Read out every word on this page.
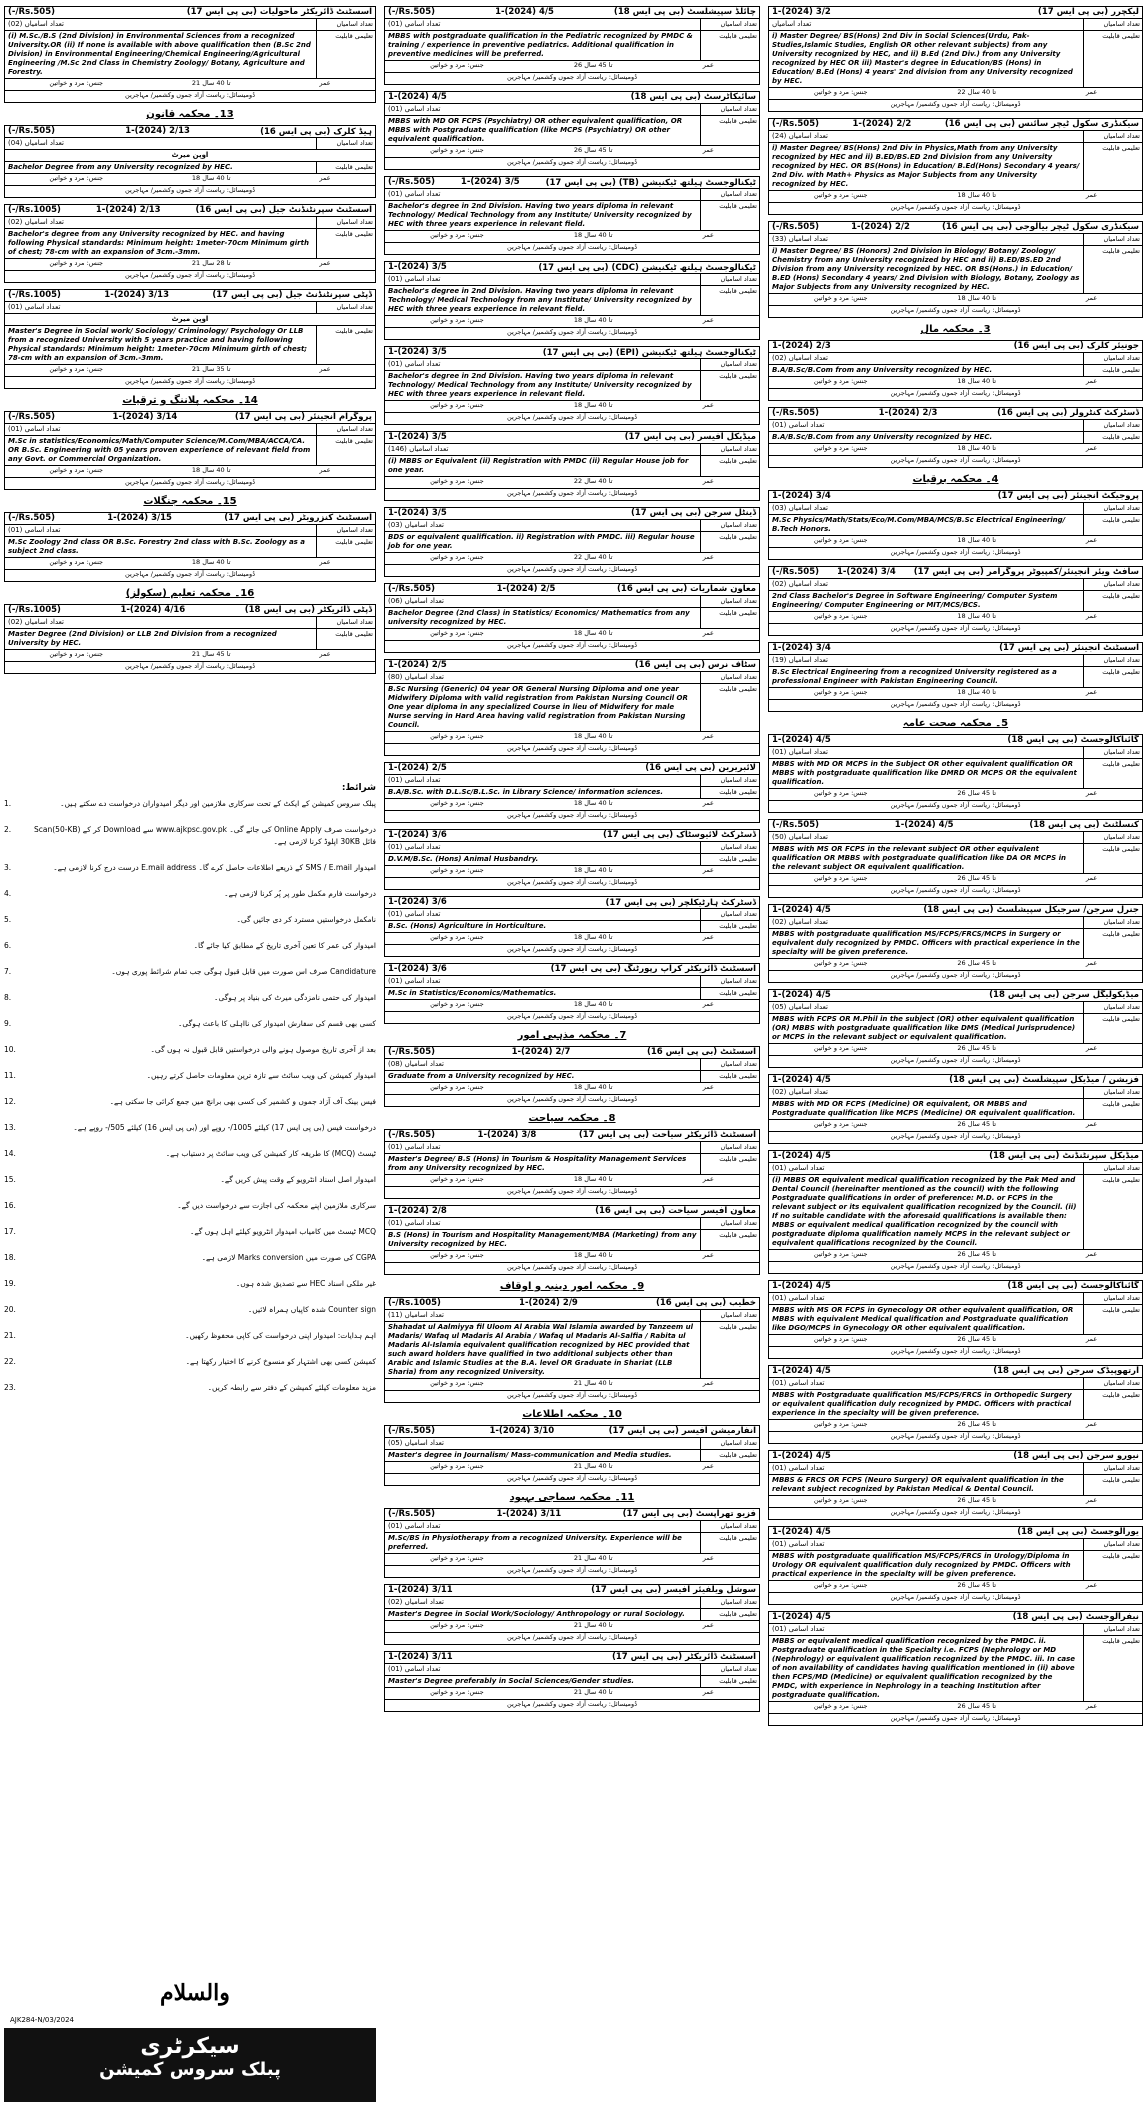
اسسٹنٹ ڈائریکٹر ماحولیات (بی پی ایس 17)
(Rs.505/-)
تعداد اسامیاں
تعداد اسامیاں (02)
تعلیمی قابلیت
(i) M.Sc./B.S (2nd Division) in Environmental Sciences from a recognized University.OR (ii) If none is available with above qualification then (B.Sc 2nd Division) in Environmental Engineering/Chemical Engineering/Agricultural Engineering /M.Sc 2nd Class in Chemistry Zoology/ Botany, Agriculture and Forestry.
جنس: مرد و خواتین	21 تا 40 سال	عمر
ڈومیسائل: ریاست آزاد جموں وکشمیر/ مہاجرین
13۔ محکمہ قانون
ہیڈ کلرک (بی پی ایس 16)
2/13 (2024)-1
(Rs.505/-)
تعداد اسامیاں
تعداد اسامیاں (04)
اوپن میرٹ
تعلیمی قابلیت
Bachelor Degree from any University recognized by HEC.
جنس: مرد و خواتین	18 تا 40 سال	عمر
ڈومیسائل: ریاست آزاد جموں وکشمیر/ مہاجرین
اسسٹنٹ سپرنٹنڈنٹ جیل (بی پی ایس 16)
2/13 (2024)-1
(Rs.1005/-)
تعداد اسامیاں
تعداد اسامیاں (02)
تعلیمی قابلیت
Bachelor's degree from any University recognized by HEC. and having following Physical standards: Minimum height: 1meter-70cm Minimum girth of chest; 78-cm with an expansion of 3cm.-3mm.
جنس: مرد و خواتین	21 تا 28 سال	عمر
ڈومیسائل: ریاست آزاد جموں وکشمیر/ مہاجرین
ڈپٹی سپرنٹنڈنٹ جیل (بی پی ایس 17)
3/13 (2024)-1
(Rs.1005/-)
تعداد اسامیاں
تعداد اسامی (01)
اوپن میرٹ
تعلیمی قابلیت
Master's Degree in Social work/ Sociology/ Criminology/ Psychology Or LLB from a recognized University with 5 years practice and having following Physical standards: Minimum height: 1meter-70cm Minimum girth of chest; 78-cm with an expansion of 3cm.-3mm.
جنس: مرد و خواتین	21 تا 35 سال	عمر
ڈومیسائل: ریاست آزاد جموں وکشمیر/ مہاجرین
14۔ محکمہ پلاننگ و ترقیات
پروگرام انجینئر (بی پی ایس 17)
3/14 (2024)-1
(Rs.505/-)
تعداد اسامیاں
تعداد اسامی (01)
تعلیمی قابلیت
M.Sc in statistics/Economics/Math/Computer Science/M.Com/MBA/ACCA/CA. OR B.Sc. Engineering with 05 years proven experience of relevant field from any Govt. or Commercial Organization.
جنس: مرد و خواتین	18 تا 40 سال	عمر
ڈومیسائل: ریاست آزاد جموں وکشمیر/ مہاجرین
15۔ محکمہ جنگلات
اسسٹنٹ کنزرویٹر (بی پی ایس 17)
3/15 (2024)-1
(Rs.505/-)
تعداد اسامیاں
تعداد اسامی (01)
تعلیمی قابلیت
M.Sc Zoology 2nd class OR B.Sc. Forestry 2nd class with B.Sc. Zoology as a subject 2nd class.
جنس: مرد و خواتین	18 تا 40 سال	عمر
ڈومیسائل: ریاست آزاد جموں وکشمیر/ مہاجرین
16۔ محکمہ تعلیم (سکولز)
ڈپٹی ڈائریکٹر (بی پی ایس 18)
4/16 (2024)-1
(Rs.1005/-)
تعداد اسامیاں
تعداد اسامیاں (02)
تعلیمی قابلیت
Master Degree (2nd Division) or LLB 2nd Division from a recognized University by HEC.
جنس: مرد و خواتین	21 تا 45 سال	عمر
ڈومیسائل: ریاست آزاد جموں وکشمیر/ مہاجرین
چائلڈ سپیشلسٹ (بی پی ایس 18)
4/5 (2024)-1
(Rs.505/-)
تعداد اسامیاں
تعداد اسامی (01)
تعلیمی قابلیت
MBBS with postgraduate qualification in the Pediatric recognized by PMDC & training / experience in preventive pediatrics. Additional qualification in preventive medicines will be preferred.
جنس: مرد و خواتین	26 تا 45 سال	عمر
ڈومیسائل: ریاست آزاد جموں وکشمیر/ مہاجرین
سائیکاٹرسٹ (بی پی ایس 18)
4/5 (2024)-1
تعداد اسامیاں
تعداد اسامی (01)
تعلیمی قابلیت
MBBS with MD OR FCPS (Psychiatry) OR other equivalent qualification, OR MBBS with Postgraduate qualification (like MCPS (Psychiatry) OR other equivalent qualification.
جنس: مرد و خواتین	26 تا 45 سال	عمر
ڈومیسائل: ریاست آزاد جموں وکشمیر/ مہاجرین
ٹیکنالوجسٹ ہیلتھ ٹیکنیشن (TB) (بی پی ایس 17)
3/5 (2024)-1
(Rs.505/-)
تعداد اسامیاں
تعداد اسامی (01)
تعلیمی قابلیت
Bachelor's degree in 2nd Division. Having two years diploma in relevant Technology/ Medical Technology from any Institute/ University recognized by HEC with three years experience in relevant field.
جنس: مرد و خواتین	18 تا 40 سال	عمر
ڈومیسائل: ریاست آزاد جموں وکشمیر/ مہاجرین
ٹیکنالوجسٹ ہیلتھ ٹیکنیشن (CDC) (بی پی ایس 17)
3/5 (2024)-1
تعداد اسامیاں
تعداد اسامی (01)
تعلیمی قابلیت
Bachelor's degree in 2nd Division. Having two years diploma in relevant Technology/ Medical Technology from any Institute/ University recognized by HEC with three years experience in relevant field.
جنس: مرد و خواتین	18 تا 40 سال	عمر
ڈومیسائل: ریاست آزاد جموں وکشمیر/ مہاجرین
ٹیکنالوجسٹ ہیلتھ ٹیکنیشن (EPI) (بی پی ایس 17)
3/5 (2024)-1
تعداد اسامیاں
تعداد اسامی (01)
تعلیمی قابلیت
Bachelor's degree in 2nd Division. Having two years diploma in relevant Technology/ Medical Technology from any Institute/ University recognized by HEC with three years experience in relevant field.
جنس: مرد و خواتین	18 تا 40 سال	عمر
ڈومیسائل: ریاست آزاد جموں وکشمیر/ مہاجرین
میڈیکل آفیسر (بی پی ایس 17)
3/5 (2024)-1
تعداد اسامیاں
تعداد اسامیاں (146)
تعلیمی قابلیت
(i) MBBS or Equivalent (ii) Registration with PMDC (ii) Regular House job for one year.
جنس: مرد و خواتین	22 تا 40 سال	عمر
ڈومیسائل: ریاست آزاد جموں وکشمیر/ مہاجرین
ڈینٹل سرجن (بی پی ایس 17)
3/5 (2024)-1
تعداد اسامیاں
تعداد اسامیاں (03)
تعلیمی قابلیت
BDS or equivalent qualification. ii) Registration with PMDC. iii) Regular house job for one year.
جنس: مرد و خواتین	22 تا 40 سال	عمر
ڈومیسائل: ریاست آزاد جموں وکشمیر/ مہاجرین
معاون شماریات (بی پی ایس 16)
2/5 (2024)-1
(Rs.505/-)
تعداد اسامیاں
تعداد اسامیاں (06)
تعلیمی قابلیت
Bachelor Degree (2nd Class) in Statistics/ Economics/ Mathematics from any university recognized by HEC.
جنس: مرد و خواتین	18 تا 40 سال	عمر
ڈومیسائل: ریاست آزاد جموں وکشمیر/ مہاجرین
سٹاف نرس (بی پی ایس 16)
2/5 (2024)-1
تعداد اسامیاں
تعداد اسامیاں (80)
تعلیمی قابلیت
B.Sc Nursing (Generic) 04 year OR General Nursing Diploma and one year Midwifery Diploma with valid registration from Pakistan Nursing Council OR One year diploma in any specialized Course in lieu of Midwifery for male Nurse serving in Hard Area having valid registration from Pakistan Nursing Council.
جنس: مرد و خواتین	18 تا 40 سال	عمر
ڈومیسائل: ریاست آزاد جموں وکشمیر/ مہاجرین
لائبریرین (بی پی ایس 16)
2/5 (2024)-1
تعداد اسامیاں
تعداد اسامی (01)
تعلیمی قابلیت
B.A/B.Sc. with D.L.Sc/B.L.Sc. in Library Science/ information sciences.
جنس: مرد و خواتین	18 تا 40 سال	عمر
ڈومیسائل: ریاست آزاد جموں وکشمیر/ مہاجرین
ڈسٹرکٹ لائیوسٹاک (بی پی ایس 17)
3/6 (2024)-1
تعداد اسامیاں
تعداد اسامی (01)
تعلیمی قابلیت
D.V.M/B.Sc. (Hons) Animal Husbandry.
جنس: مرد و خواتین	18 تا 40 سال	عمر
ڈومیسائل: ریاست آزاد جموں وکشمیر/ مہاجرین
ڈسٹرکٹ ہارٹیکلچر (بی پی ایس 17)
3/6 (2024)-1
تعداد اسامیاں
تعداد اسامی (01)
تعلیمی قابلیت
B.Sc. (Hons) Agriculture in Horticulture.
جنس: مرد و خواتین	18 تا 40 سال	عمر
ڈومیسائل: ریاست آزاد جموں وکشمیر/ مہاجرین
اسسٹنٹ ڈائریکٹر کراپ رپورٹنگ (بی پی ایس 17)
3/6 (2024)-1
تعداد اسامیاں
تعداد اسامی (01)
تعلیمی قابلیت
M.Sc in Statistics/Economics/Mathematics.
جنس: مرد و خواتین	18 تا 40 سال	عمر
ڈومیسائل: ریاست آزاد جموں وکشمیر/ مہاجرین
7۔ محکمہ مذہبی امور
اسسٹنٹ (بی پی ایس 16)
2/7 (2024)-1
(Rs.505/-)
تعداد اسامیاں
تعداد اسامیاں (08)
تعلیمی قابلیت
Graduate from a University recognized by HEC.
جنس: مرد و خواتین	18 تا 40 سال	عمر
ڈومیسائل: ریاست آزاد جموں وکشمیر/ مہاجرین
8۔ محکمہ سیاحت
اسسٹنٹ ڈائریکٹر سیاحت (بی پی ایس 17)
3/8 (2024)-1
(Rs.505/-)
تعداد اسامیاں
تعداد اسامی (01)
تعلیمی قابلیت
Master's Degree/ B.S (Hons) in Tourism & Hospitality Management Services from any University recognized by HEC.
جنس: مرد و خواتین	18 تا 40 سال	عمر
ڈومیسائل: ریاست آزاد جموں وکشمیر/ مہاجرین
معاون آفیسر سیاحت (بی پی ایس 16)
2/8 (2024)-1
تعداد اسامیاں
تعداد اسامی (01)
تعلیمی قابلیت
B.S (Hons) in Tourism and Hospitality Management/MBA (Marketing) from any University recognized by HEC.
جنس: مرد و خواتین	18 تا 40 سال	عمر
ڈومیسائل: ریاست آزاد جموں وکشمیر/ مہاجرین
9۔ محکمہ امور دینیہ و اوقاف
خطیب (بی پی ایس 16)
2/9 (2024)-1
(Rs.1005/-)
تعداد اسامیاں
تعداد اسامیاں (11)
تعلیمی قابلیت
Shahadat ul Aalmiyya fil Uloom Al Arabia Wal Islamia awarded by Tanzeem ul Madaris/ Wafaq ul Madaris Al Arabia / Wafaq ul Madaris Al-Salfia / Rabita ul Madaris Al-Islamia equivalent qualification recognized by HEC provided that such award holders have qualified in two additional subjects other than Arabic and Islamic Studies at the B.A. level OR Graduate in Shariat (LLB Sharia) from any recognized University.
جنس: مرد و خواتین	21 تا 40 سال	عمر
ڈومیسائل: ریاست آزاد جموں وکشمیر/ مہاجرین
10۔ محکمہ اطلاعات
انفارمیشن آفیسر (بی پی ایس 17)
3/10 (2024)-1
(Rs.505/-)
تعداد اسامیاں
تعداد اسامیاں (05)
تعلیمی قابلیت
Master's degree in Journalism/ Mass-communication and Media studies.
جنس: مرد و خواتین	21 تا 40 سال	عمر
ڈومیسائل: ریاست آزاد جموں وکشمیر/ مہاجرین
11۔ محکمہ سماجی بہبود
فزیو تھراپسٹ (بی پی ایس 17)
3/11 (2024)-1
(Rs.505/-)
تعداد اسامیاں
تعداد اسامی (01)
تعلیمی قابلیت
M.Sc/BS in Physiotherapy from a recognized University. Experience will be preferred.
جنس: مرد و خواتین	21 تا 40 سال	عمر
ڈومیسائل: ریاست آزاد جموں وکشمیر/ مہاجرین
سوشل ویلفیئر آفیسر (بی پی ایس 17)
3/11 (2024)-1
تعداد اسامیاں
تعداد اسامیاں (02)
تعلیمی قابلیت
Master's Degree in Social Work/Sociology/ Anthropology or rural Sociology.
جنس: مرد و خواتین	21 تا 40 سال	عمر
ڈومیسائل: ریاست آزاد جموں وکشمیر/ مہاجرین
اسسٹنٹ ڈائریکٹر (بی پی ایس 17)
3/11 (2024)-1
تعداد اسامیاں
تعداد اسامی (01)
تعلیمی قابلیت
Master's Degree preferably in Social Sciences/Gender studies.
جنس: مرد و خواتین	21 تا 40 سال	عمر
ڈومیسائل: ریاست آزاد جموں وکشمیر/ مہاجرین
لیکچرر (بی پی ایس 17)
3/2 (2024)-1
تعداد اسامیاں
تعداد اسامیاں
تعلیمی قابلیت
i) Master Degree/ BS(Hons) 2nd Div in Social Sciences(Urdu, Pak-Studies,Islamic Studies, English OR other relevant subjects) from any University recognized by HEC, and ii) B.Ed (2nd Div.) from any University recognized by HEC OR iii) Master's degree in Education/BS (Hons) in Education/ B.Ed (Hons) 4 years' 2nd division from any University recognized by HEC.
جنس: مرد و خواتین	22 تا 40 سال	عمر
ڈومیسائل: ریاست آزاد جموں وکشمیر/ مہاجرین
سیکنڈری سکول ٹیچر سائنس (بی پی ایس 16)
2/2 (2024)-1
(Rs.505/-)
تعداد اسامیاں
تعداد اسامیاں (24)
تعلیمی قابلیت
i) Master Degree/ BS(Hons) 2nd Div in Physics,Math from any University recognized by HEC and ii) B.ED/BS.ED 2nd Division from any University recognized by HEC. OR BS(Hons) in Education/ B.Ed(Hons) Secondary 4 years/ 2nd Div. with Math+ Physics as Major Subjects from any University recognized by HEC.
جنس: مرد و خواتین	18 تا 40 سال	عمر
ڈومیسائل: ریاست آزاد جموں وکشمیر/ مہاجرین
سیکنڈری سکول ٹیچر بیالوجی (بی پی ایس 16)
2/2 (2024)-1
(Rs.505/-)
تعداد اسامیاں
تعداد اسامیاں (33)
تعلیمی قابلیت
i) Master Degree/ BS (Honors) 2nd Division in Biology/ Botany/ Zoology/ Chemistry from any University recognized by HEC and ii) B.ED/BS.ED 2nd Division from any University recognized by HEC. OR BS(Hons.) in Education/ B.ED (Hons) Secondary 4 years/ 2nd Division with Biology, Botany, Zoology as Major Subjects from any University recognized by HEC.
جنس: مرد و خواتین	18 تا 40 سال	عمر
ڈومیسائل: ریاست آزاد جموں وکشمیر/ مہاجرین
3۔ محکمہ مال
جونیئر کلرک (بی پی ایس 16)
2/3 (2024)-1
تعداد اسامیاں
تعداد اسامیاں (02)
تعلیمی قابلیت
B.A/B.Sc/B.Com from any University recognized by HEC.
جنس: مرد و خواتین	18 تا 40 سال	عمر
ڈومیسائل: ریاست آزاد جموں وکشمیر/ مہاجرین
ڈسٹرکٹ کنٹرولر (بی پی ایس 16)
2/3 (2024)-1
(Rs.505/-)
تعداد اسامیاں
تعداد اسامی (01)
تعلیمی قابلیت
B.A/B.Sc/B.Com from any University recognized by HEC.
جنس: مرد و خواتین	18 تا 40 سال	عمر
ڈومیسائل: ریاست آزاد جموں وکشمیر/ مہاجرین
4۔ محکمہ برقیات
پروجیکٹ انجینئر (بی پی ایس 17)
3/4 (2024)-1
تعداد اسامیاں
تعداد اسامیاں (03)
تعلیمی قابلیت
M.Sc Physics/Math/Stats/Eco/M.Com/MBA/MCS/B.Sc Electrical Engineering/ B.Tech Honors.
جنس: مرد و خواتین	18 تا 40 سال	عمر
ڈومیسائل: ریاست آزاد جموں وکشمیر/ مہاجرین
سافٹ ویئر انجینئر/کمپیوٹر پروگرامر (بی پی ایس 17)
3/4 (2024)-1
(Rs.505/-)
تعداد اسامیاں
تعداد اسامیاں (02)
تعلیمی قابلیت
2nd Class Bachelor's Degree in Software Engineering/ Computer System Engineering/ Computer Engineering or MIT/MCS/BCS.
جنس: مرد و خواتین	18 تا 40 سال	عمر
ڈومیسائل: ریاست آزاد جموں وکشمیر/ مہاجرین
اسسٹنٹ انجینئر (بی پی ایس 17)
3/4 (2024)-1
تعداد اسامیاں
تعداد اسامیاں (19)
تعلیمی قابلیت
B.Sc Electrical Engineering from a recognized University registered as a professional Engineer with Pakistan Engineering Council.
جنس: مرد و خواتین	18 تا 40 سال	عمر
ڈومیسائل: ریاست آزاد جموں وکشمیر/ مہاجرین
5۔ محکمہ صحت عامہ
گائناکالوجسٹ (بی پی ایس 18)
4/5 (2024)-1
تعداد اسامیاں
تعداد اسامیاں (01)
تعلیمی قابلیت
MBBS with MD OR MCPS in the Subject OR other equivalent qualification OR MBBS with postgraduate qualification like DMRD OR MCPS OR the equivalent qualification.
جنس: مرد و خواتین	26 تا 45 سال	عمر
ڈومیسائل: ریاست آزاد جموں وکشمیر/ مہاجرین
کنسلٹنٹ (بی پی ایس 18)
4/5 (2024)-1
(Rs.505/-)
تعداد اسامیاں
تعداد اسامیاں (50)
تعلیمی قابلیت
MBBS with MS OR FCPS in the relevant subject OR other equivalent qualification OR MBBS with postgraduate qualification like DA OR MCPS in the relevant subject OR equivalent qualification.
جنس: مرد و خواتین	26 تا 45 سال	عمر
ڈومیسائل: ریاست آزاد جموں وکشمیر/ مہاجرین
جنرل سرجن/ سرجیکل سپیشلسٹ (بی پی ایس 18)
4/5 (2024)-1
تعداد اسامیاں
تعداد اسامیاں (02)
تعلیمی قابلیت
MBBS with postgraduate qualification MS/FCPS/FRCS/MCPS in Surgery or equivalent duly recognized by PMDC. Officers with practical experience in the specialty will be given preference.
جنس: مرد و خواتین	26 تا 45 سال	عمر
ڈومیسائل: ریاست آزاد جموں وکشمیر/ مہاجرین
میڈیکولیگل سرجن (بی پی ایس 18)
4/5 (2024)-1
تعداد اسامیاں
تعداد اسامیاں (05)
تعلیمی قابلیت
MBBS with FCPS OR M.Phil in the subject (OR) other equivalent qualification (OR) MBBS with postgraduate qualification like DMS (Medical Jurisprudence) or MCPS in the relevant subject or equivalent qualification.
جنس: مرد و خواتین	26 تا 45 سال	عمر
ڈومیسائل: ریاست آزاد جموں وکشمیر/ مہاجرین
فزیشن / میڈیکل سپیشلسٹ (بی پی ایس 18)
4/5 (2024)-1
تعداد اسامیاں
تعداد اسامیاں (02)
تعلیمی قابلیت
MBBS with MD OR FCPS (Medicine) OR equivalent, OR MBBS and Postgraduate qualification like MCPS (Medicine) OR equivalent qualification.
جنس: مرد و خواتین	26 تا 45 سال	عمر
ڈومیسائل: ریاست آزاد جموں وکشمیر/ مہاجرین
میڈیکل سپرنٹنڈنٹ (بی پی ایس 18)
4/5 (2024)-1
تعداد اسامیاں
تعداد اسامی (01)
تعلیمی قابلیت
(i) MBBS OR equivalent medical qualification recognized by the Pak Med and Dental Council (hereinafter mentioned as the council) with the following Postgraduate qualifications in order of preference: M.D. or FCPS in the relevant subject or its equivalent qualification recognized by the Council. (ii) If no suitable candidate with the aforesaid qualifications is available then: MBBS or equivalent medical qualification recognized by the council with postgraduate diploma qualification namely MCPS in the relevant subject or equivalent qualifications recognized by the Council.
جنس: مرد و خواتین	26 تا 45 سال	عمر
ڈومیسائل: ریاست آزاد جموں وکشمیر/ مہاجرین
گائناکالوجسٹ (بی پی ایس 18)
4/5 (2024)-1
تعداد اسامیاں
تعداد اسامی (01)
تعلیمی قابلیت
MBBS with MS OR FCPS in Gynecology OR other equivalent qualification, OR MBBS with equivalent Medical qualification and Postgraduate qualification like DGO/MCPS in Gynecology OR other equivalent qualification.
جنس: مرد و خواتین	26 تا 45 سال	عمر
ڈومیسائل: ریاست آزاد جموں وکشمیر/ مہاجرین
آرتھوپیڈک سرجن (بی پی ایس 18)
4/5 (2024)-1
تعداد اسامیاں
تعداد اسامی (01)
تعلیمی قابلیت
MBBS with Postgraduate qualification MS/FCPS/FRCS in Orthopedic Surgery or equivalent qualification duly recognized by PMDC. Officers with practical experience in the specialty will be given preference.
جنس: مرد و خواتین	26 تا 45 سال	عمر
ڈومیسائل: ریاست آزاد جموں وکشمیر/ مہاجرین
نیورو سرجن (بی پی ایس 18)
4/5 (2024)-1
تعداد اسامیاں
تعداد اسامی (01)
تعلیمی قابلیت
MBBS & FRCS OR FCPS (Neuro Surgery) OR equivalent qualification in the relevant subject recognized by Pakistan Medical & Dental Council.
جنس: مرد و خواتین	26 تا 45 سال	عمر
ڈومیسائل: ریاست آزاد جموں وکشمیر/ مہاجرین
یورالوجسٹ (بی پی ایس 18)
4/5 (2024)-1
تعداد اسامیاں
تعداد اسامی (01)
تعلیمی قابلیت
MBBS with postgraduate qualification MS/FCPS/FRCS in Urology/Diploma in Urology OR equivalent qualification duly recognized by PMDC. Officers with practical experience in the specialty will be given preference.
جنس: مرد و خواتین	26 تا 45 سال	عمر
ڈومیسائل: ریاست آزاد جموں وکشمیر/ مہاجرین
نیفرالوجسٹ (بی پی ایس 18)
4/5 (2024)-1
تعداد اسامیاں
تعداد اسامی (01)
تعلیمی قابلیت
MBBS or equivalent medical qualification recognized by the PMDC. ii. Postgraduate qualification in the Specialty i.e. FCPS (Nephrology or MD (Nephrology) or equivalent qualification recognized by the PMDC. iii. In case of non availability of candidates having qualification mentioned in (ii) above then FCPS/MD (Medicine) or equivalent qualification recognized by the PMDC, with experience in Nephrology in a teaching Institution after postgraduate qualification.
جنس: مرد و خواتین	26 تا 45 سال	عمر
ڈومیسائل: ریاست آزاد جموں وکشمیر/ مہاجرین
شرائط:
پبلک سروس کمیشن کے ایکٹ کے تحت سرکاری ملازمین اور دیگر امیدواران درخواست دے سکتے ہیں۔
1.
درخواست صرف Online Apply کی جائے گی۔ www.ajkpsc.gov.pk سے Download کر کے Scan(50-KB) فائل 30KB اپلوڈ کرنا لازمی ہے۔
2.
امیدوار SMS / E.mail کے ذریعے اطلاعات حاصل کرے گا۔ E.mail address درست درج کرنا لازمی ہے۔
3.
درخواست فارم مکمل طور پر پُر کرنا لازمی ہے۔
4.
نامکمل درخواستیں مسترد کر دی جائیں گی۔
5.
امیدوار کی عمر کا تعین آخری تاریخ کے مطابق کیا جائے گا۔
6.
Candidature صرف اس صورت میں قابل قبول ہوگی جب تمام شرائط پوری ہوں۔
7.
امیدوار کی حتمی نامزدگی میرٹ کی بنیاد پر ہوگی۔
8.
کسی بھی قسم کی سفارش امیدوار کی نااہلی کا باعث ہوگی۔
9.
بعد از آخری تاریخ موصول ہونے والی درخواستیں قابل قبول نہ ہوں گی۔
10.
امیدوار کمیشن کی ویب سائٹ سے تازہ ترین معلومات حاصل کرتے رہیں۔
11.
فیس بینک آف آزاد جموں و کشمیر کی کسی بھی برانچ میں جمع کرائی جا سکتی ہے۔
12.
درخواست فیس (بی پی ایس 17) کیلئے 1005/- روپے اور (بی پی ایس 16) کیلئے 505/- روپے ہے۔
13.
ٹیسٹ (MCQ) کا طریقہ کار کمیشن کی ویب سائٹ پر دستیاب ہے۔
14.
امیدوار اصل اسناد انٹرویو کے وقت پیش کریں گے۔
15.
سرکاری ملازمین اپنے محکمہ کی اجازت سے درخواست دیں گے۔
16.
MCQ ٹیسٹ میں کامیاب امیدوار انٹرویو کیلئے اہل ہوں گے۔
17.
CGPA کی صورت میں Marks conversion لازمی ہے۔
18.
غیر ملکی اسناد HEC سے تصدیق شدہ ہوں۔
19.
Counter sign شدہ کاپیاں ہمراہ لائیں۔
20.
اہم ہدایات: امیدوار اپنی درخواست کی کاپی محفوظ رکھیں۔
21.
کمیشن کسی بھی اشتہار کو منسوخ کرنے کا اختیار رکھتا ہے۔
22.
مزید معلومات کیلئے کمیشن کے دفتر سے رابطہ کریں۔
23.
والسلام
AJK284-N/03/2024
سیکرٹری
پبلک سروس کمیشن
